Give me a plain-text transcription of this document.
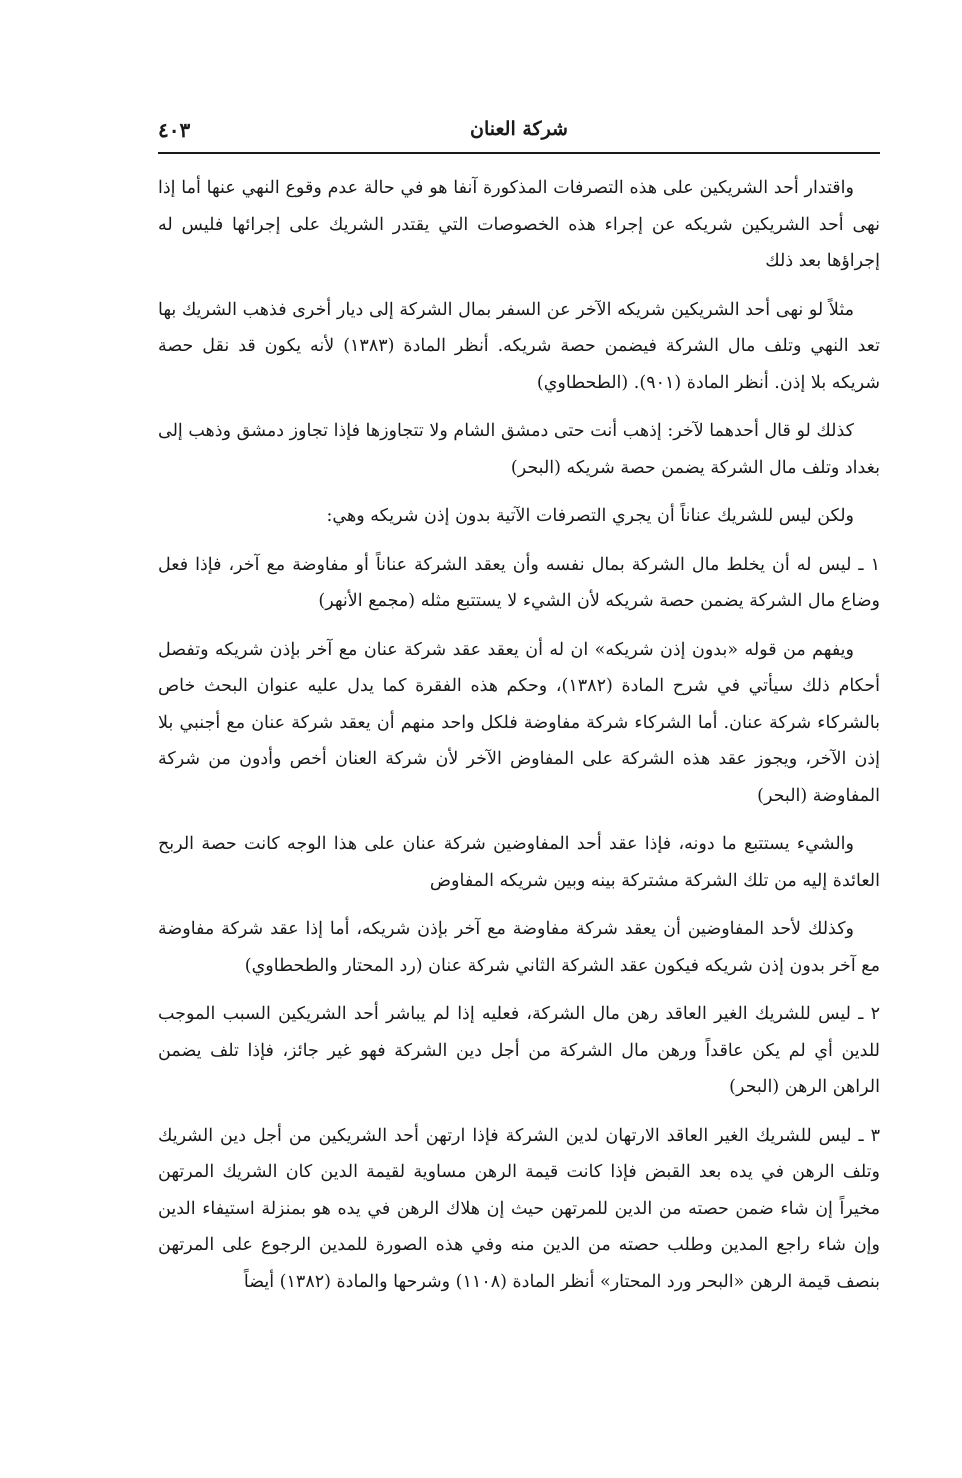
شركة العنان
٤٠٣

واقتدار أحد الشريكين على هذه التصرفات المذكورة آنفا هو في حالة عدم وقوع النهي عنها أما إذا نهى أحد الشريكين شريكه عن إجراء هذه الخصوصات التي يقتدر الشريك على إجرائها فليس له إجراؤها بعد ذلك

مثلاً لو نهى أحد الشريكين شريكه الآخر عن السفر بمال الشركة إلى ديار أخرى فذهب الشريك بها تعد النهي وتلف مال الشركة فيضمن حصة شريكه. أنظر المادة (١٣٨٣) لأنه يكون قد نقل حصة شريكه بلا إذن. أنظر المادة (٩٠١). (الطحطاوي)

كذلك لو قال أحدهما لآخر: إذهب أنت حتى دمشق الشام ولا تتجاوزها فإذا تجاوز دمشق وذهب إلى بغداد وتلف مال الشركة يضمن حصة شريكه (البحر)

ولكن ليس للشريك عناناً أن يجري التصرفات الآتية بدون إذن شريكه وهي:

١ ـ ليس له أن يخلط مال الشركة بمال نفسه وأن يعقد الشركة عناناً أو مفاوضة مع آخر، فإذا فعل وضاع مال الشركة يضمن حصة شريكه لأن الشيء لا يستتبع مثله (مجمع الأنهر)

ويفهم من قوله «بدون إذن شريكه» ان له أن يعقد عقد شركة عنان مع آخر بإذن شريكه وتفصل أحكام ذلك سيأتي في شرح المادة (١٣٨٢)، وحكم هذه الفقرة كما يدل عليه عنوان البحث خاص بالشركاء شركة عنان. أما الشركاء شركة مفاوضة فلكل واحد منهم أن يعقد شركة عنان مع أجنبي بلا إذن الآخر، ويجوز عقد هذه الشركة على المفاوض الآخر لأن شركة العنان أخص وأدون من شركة المفاوضة (البحر)

والشيء يستتبع ما دونه، فإذا عقد أحد المفاوضين شركة عنان على هذا الوجه كانت حصة الربح العائدة إليه من تلك الشركة مشتركة بينه وبين شريكه المفاوض

وكذلك لأحد المفاوضين أن يعقد شركة مفاوضة مع آخر بإذن شريكه، أما إذا عقد شركة مفاوضة مع آخر بدون إذن شريكه فيكون عقد الشركة الثاني شركة عنان (رد المحتار والطحطاوي)

٢ ـ ليس للشريك الغير العاقد رهن مال الشركة، فعليه إذا لم يباشر أحد الشريكين السبب الموجب للدين أي لم يكن عاقداً ورهن مال الشركة من أجل دين الشركة فهو غير جائز، فإذا تلف يضمن الراهن الرهن (البحر)

٣ ـ ليس للشريك الغير العاقد الارتهان لدين الشركة فإذا ارتهن أحد الشريكين من أجل دين الشريك وتلف الرهن في يده بعد القبض فإذا كانت قيمة الرهن مساوية لقيمة الدين كان الشريك المرتهن مخيراً إن شاء ضمن حصته من الدين للمرتهن حيث إن هلاك الرهن في يده هو بمنزلة استيفاء الدين وإن شاء راجع المدين وطلب حصته من الدين منه وفي هذه الصورة للمدين الرجوع على المرتهن بنصف قيمة الرهن «البحر ورد المحتار» أنظر المادة (١١٠٨) وشرحها والمادة (١٣٨٢) أيضاً
